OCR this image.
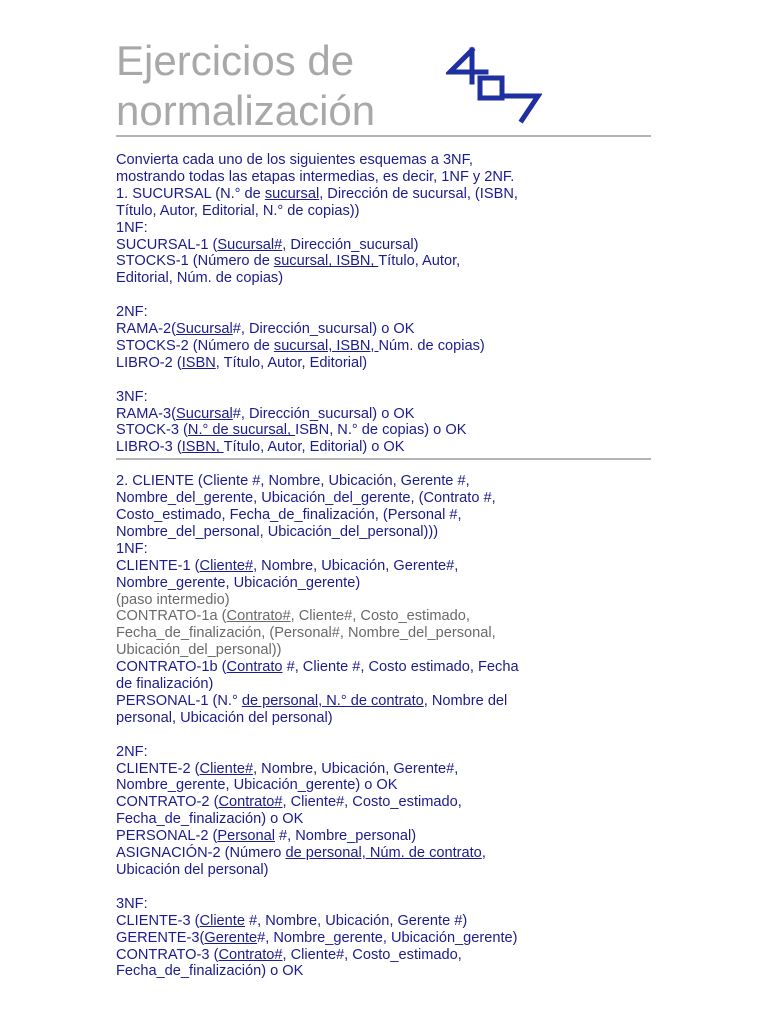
Ejercicios de
normalización
Convierta cada uno de los siguientes esquemas a 3NF,
mostrando todas las etapas intermedias, es decir, 1NF y 2NF.
1. SUCURSAL (N.° de sucursal, Dirección de sucursal, (ISBN,
Título, Autor, Editorial, N.° de copias))
1NF:
SUCURSAL-1 (Sucursal#, Dirección_sucursal)
STOCKS-1 (Número de sucursal, ISBN, Título, Autor,
Editorial, Núm. de copias)
2NF:
RAMA-2(Sucursal#, Dirección_sucursal) o OK
STOCKS-2 (Número de sucursal, ISBN, Núm. de copias)
LIBRO-2 (ISBN, Título, Autor, Editorial)
3NF:
RAMA-3(Sucursal#, Dirección_sucursal) o OK
STOCK-3 (N.° de sucursal, ISBN, N.° de copias) o OK
LIBRO-3 (ISBN, Título, Autor, Editorial) o OK
2. CLIENTE (Cliente #, Nombre, Ubicación, Gerente #,
Nombre_del_gerente, Ubicación_del_gerente, (Contrato #,
Costo_estimado, Fecha_de_finalización, (Personal #,
Nombre_del_personal, Ubicación_del_personal)))
1NF:
CLIENTE-1 (Cliente#, Nombre, Ubicación, Gerente#,
Nombre_gerente, Ubicación_gerente)
(paso intermedio)
CONTRATO-1a (Contrato#, Cliente#, Costo_estimado,
Fecha_de_finalización, (Personal#, Nombre_del_personal,
Ubicación_del_personal))
CONTRATO-1b (Contrato #, Cliente #, Costo estimado, Fecha
de finalización)
PERSONAL-1 (N.° de personal, N.° de contrato, Nombre del
personal, Ubicación del personal)
2NF:
CLIENTE-2 (Cliente#, Nombre, Ubicación, Gerente#,
Nombre_gerente, Ubicación_gerente) o OK
CONTRATO-2 (Contrato#, Cliente#, Costo_estimado,
Fecha_de_finalización) o OK
PERSONAL-2 (Personal #, Nombre_personal)
ASIGNACIÓN-2 (Número de personal, Núm. de contrato,
Ubicación del personal)
3NF:
CLIENTE-3 (Cliente #, Nombre, Ubicación, Gerente #)
GERENTE-3(Gerente#, Nombre_gerente, Ubicación_gerente)
CONTRATO-3 (Contrato#, Cliente#, Costo_estimado,
Fecha_de_finalización) o OK
